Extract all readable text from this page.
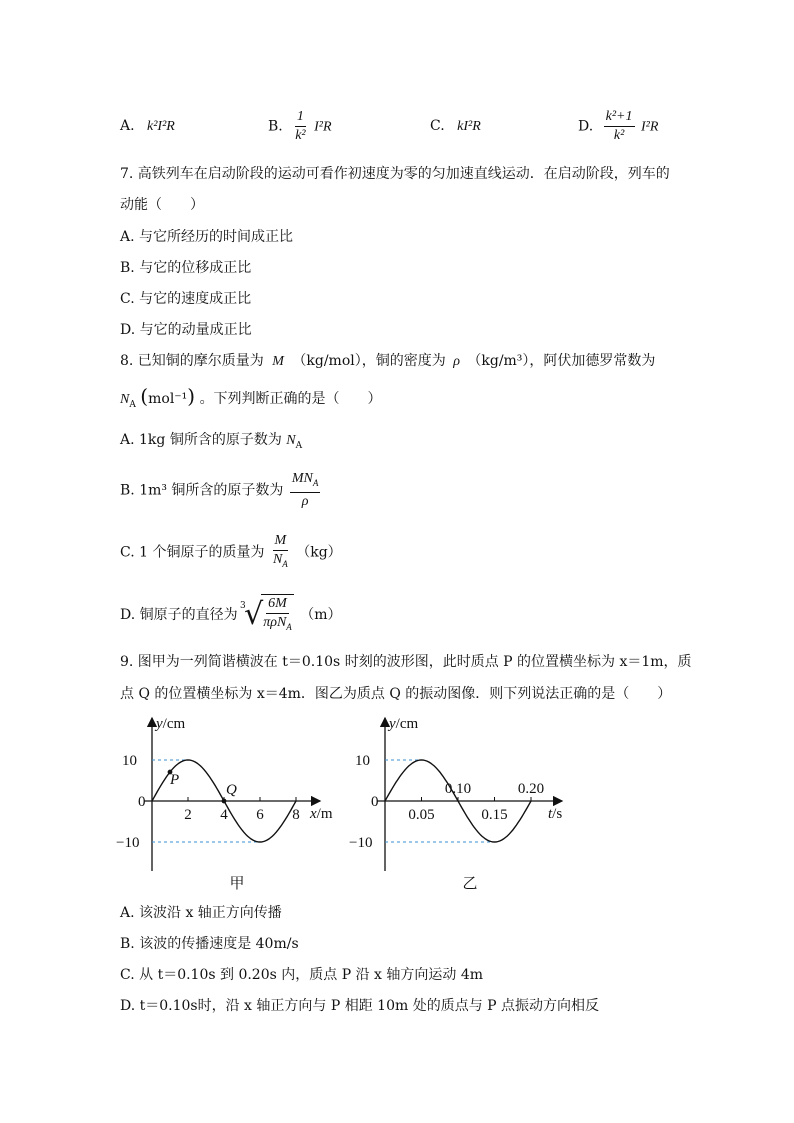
A. k²I²R	B. $\frac{1}{\text{k²}} I^2R$	C. kI²R	D. $\frac{\text{k²+1}}{\text{k²}} I^2R$
7. 高铁列车在启动阶段的运动可看作初速度为零的匀加速直线运动．在启动阶段，列车的
动能（　　）
A. 与它所经历的时间成正比
B. 与它的位移成正比
C. 与它的速度成正比
D. 与它的动量成正比
8. 已知铜的摩尔质量为 M （kg/mol），铜的密度为 ρ （kg/m³），阿伏加德罗常数为
$N_A$ (mol⁻¹) 。下列判断正确的是（　　）
A. 1kg 铜所含的原子数为 $N_A$
B. 1m³ 铜所含的原子数为 $\frac{MN_A}{\rho}$
C. 1 个铜原子的质量为 $\frac{M}{N_A} (kg)$
D. 铜原子的直径为
3
√
$\frac{6M}{\pi\rho N_A} (m)$
9. 图甲为一列简谐横波在 t＝0.10s 时刻的波形图，此时质点 P 的位置横坐标为 x＝1m，质
点 Q 的位置横坐标为 x＝4m．图乙为质点 Q 的振动图像．则下列说法正确的是（　　）
y/cm
x/m
10
0
−10
2 4 6 8
P
Q
甲
y/cm
t/s
10
0
−10
0.05
0.10
0.15
0.20
乙
A. 该波沿 x 轴正方向传播
B. 该波的传播速度是 40m/s
C. 从 t＝0.10s 到 0.20s 内，质点 P 沿 x 轴方向运动 4m
D. t＝0.10s时，沿 x 轴正方向与 P 相距 10m 处的质点与 P 点振动方向相反
